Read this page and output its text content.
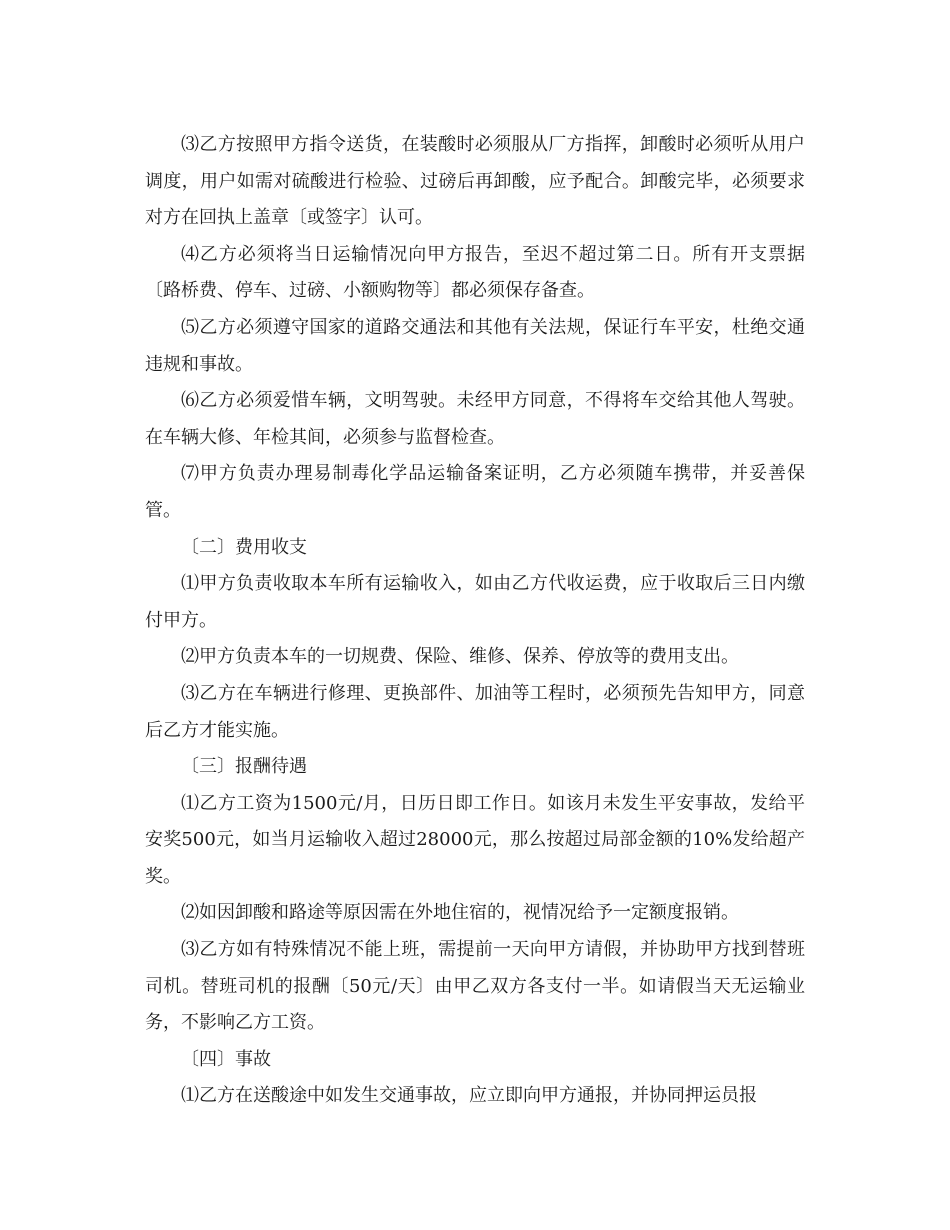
⑶乙方按照甲方指令送货，在装酸时必须服从厂方指挥，卸酸时必须听从用户调度，用户如需对硫酸进行检验、过磅后再卸酸，应予配合。卸酸完毕，必须要求对方在回执上盖章〔或签字〕认可。

⑷乙方必须将当日运输情况向甲方报告，至迟不超过第二日。所有开支票据〔路桥费、停车、过磅、小额购物等〕都必须保存备查。

⑸乙方必须遵守国家的道路交通法和其他有关法规，保证行车平安，杜绝交通违规和事故。

⑹乙方必须爱惜车辆，文明驾驶。未经甲方同意，不得将车交给其他人驾驶。在车辆大修、年检其间，必须参与监督检查。

⑺甲方负责办理易制毒化学品运输备案证明，乙方必须随车携带，并妥善保管。

〔二〕费用收支

⑴甲方负责收取本车所有运输收入，如由乙方代收运费，应于收取后三日内缴付甲方。

⑵甲方负责本车的一切规费、保险、维修、保养、停放等的费用支出。

⑶乙方在车辆进行修理、更换部件、加油等工程时，必须预先告知甲方，同意后乙方才能实施。

〔三〕报酬待遇

⑴乙方工资为1500元/月，日历日即工作日。如该月未发生平安事故，发给平安奖500元，如当月运输收入超过28000元，那么按超过局部金额的10%发给超产奖。

⑵如因卸酸和路途等原因需在外地住宿的，视情况给予一定额度报销。

⑶乙方如有特殊情况不能上班，需提前一天向甲方请假，并协助甲方找到替班司机。替班司机的报酬〔50元/天〕由甲乙双方各支付一半。如请假当天无运输业务，不影响乙方工资。

〔四〕事故

⑴乙方在送酸途中如发生交通事故，应立即向甲方通报，并协同押运员报
